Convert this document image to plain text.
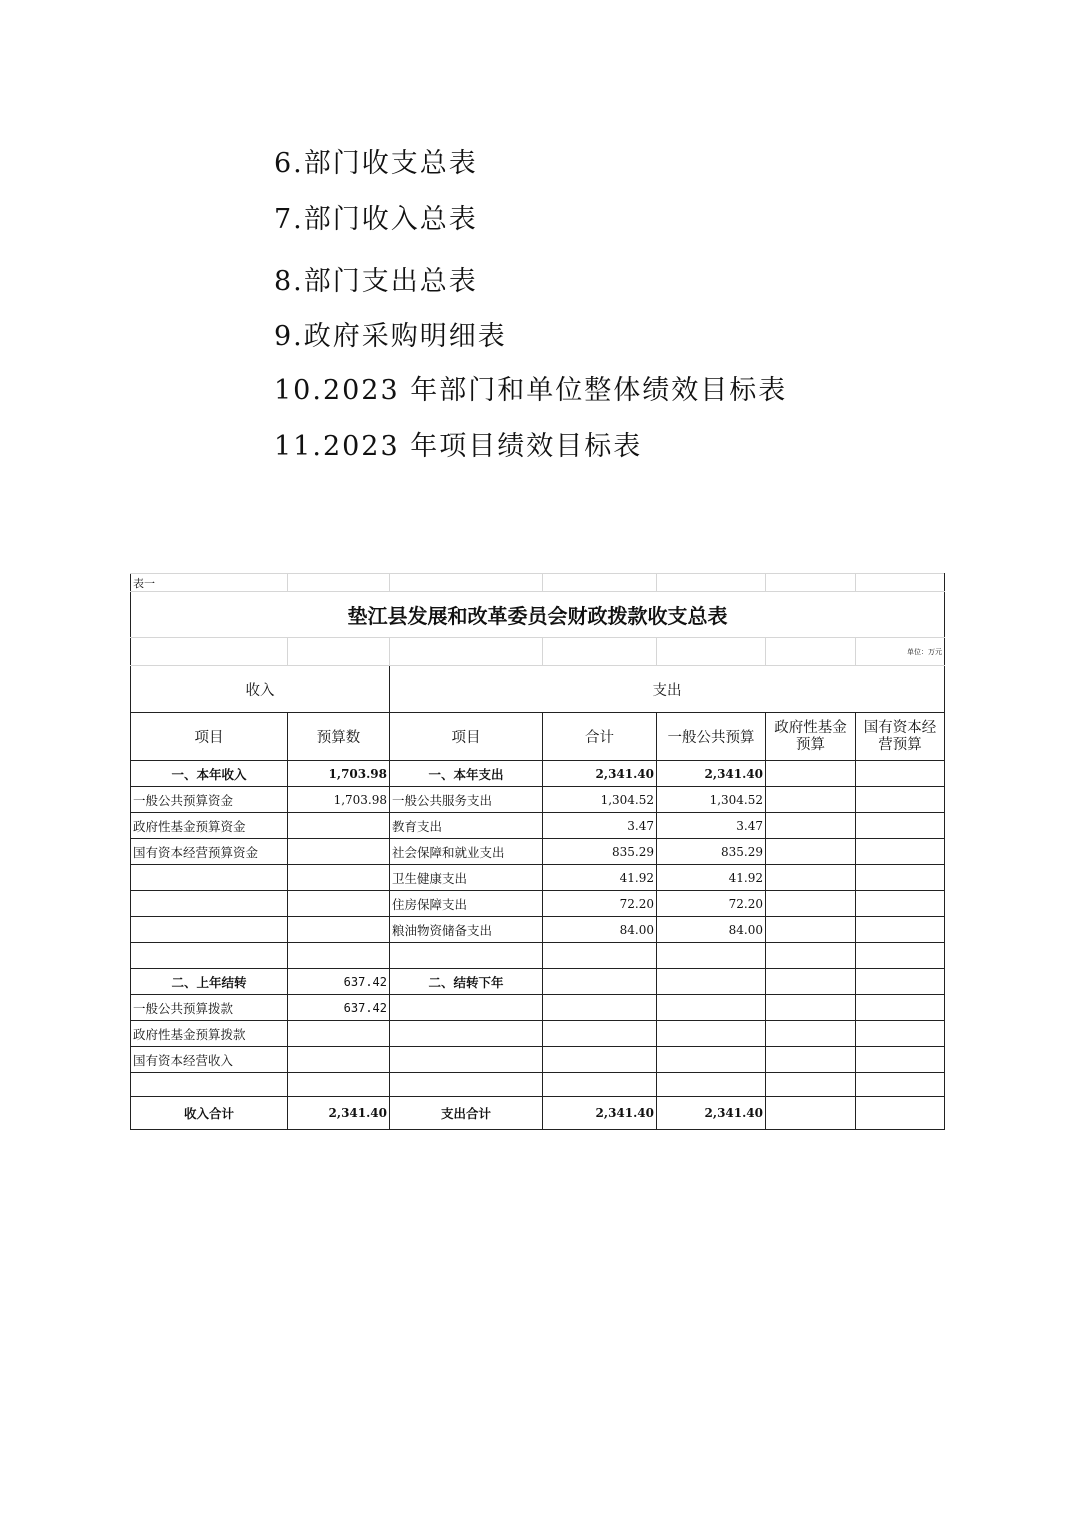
6.部门收支总表
7.部门收入总表
8.部门支出总表
9.政府采购明细表
10.2023 年部门和单位整体绩效目标表
11.2023 年项目绩效目标表
表一						
垫江县发展和改革委员会财政拨款收支总表						
						单位：万元
收入		支出				
项目	预算数	项目	合计	一般公共预算	政府性基金预算	国有资本经营预算
一、本年收入	1,703.98	一、本年支出	2,341.40	2,341.40		
一般公共预算资金	1,703.98	一般公共服务支出	1,304.52	1,304.52		
政府性基金预算资金		教育支出	3.47	3.47		
国有资本经营预算资金		社会保障和就业支出	835.29	835.29		
		卫生健康支出	41.92	41.92		
		住房保障支出	72.20	72.20		
		粮油物资储备支出	84.00	84.00		

二、上年结转	637.42	二、结转下年				
一般公共预算拨款	637.42					
政府性基金预算拨款						
国有资本经营收入						

收入合计	2,341.40	支出合计	2,341.40	2,341.40		
